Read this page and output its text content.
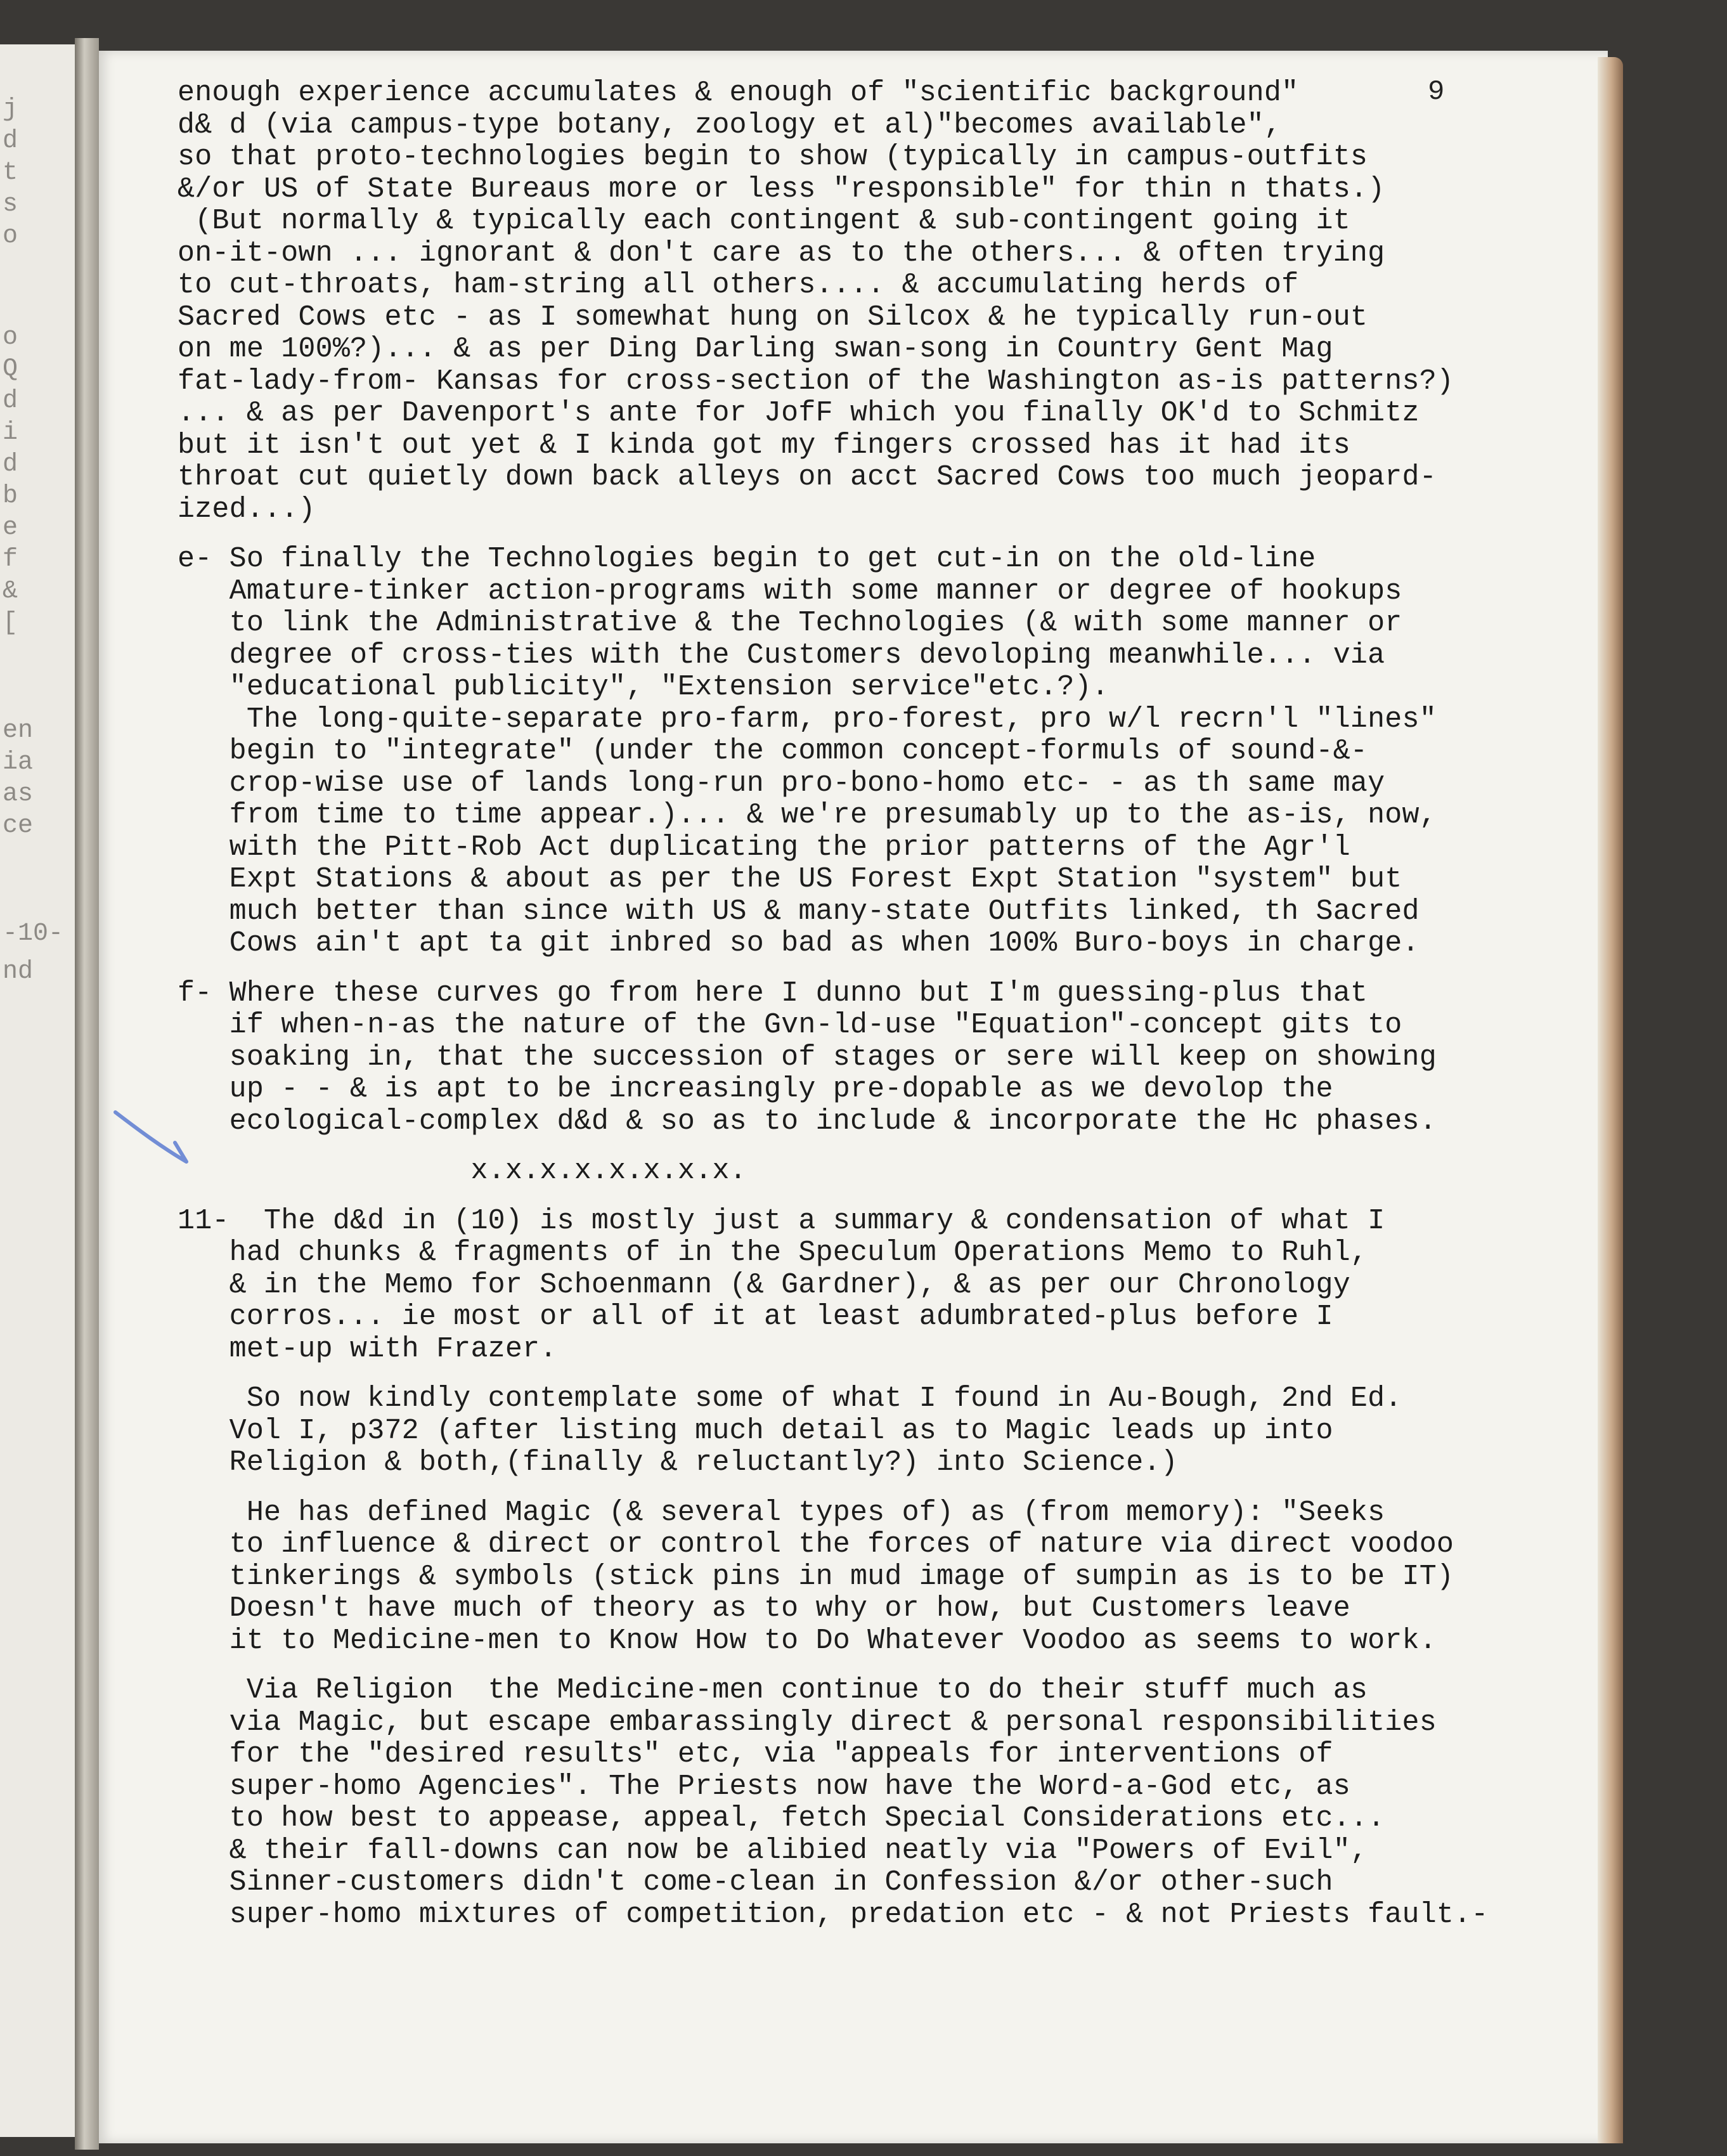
j
d
t
s
o
o
Q
d
i
d
b
e
f
&
[
en
ia
as
ce
-10-
nd
9
enough experience accumulates & enough of "scientific background"
d& d (via campus-type botany, zoology et al)"becomes available",
so that proto-technologies begin to show (typically in campus-outfits
&/or US of State Bureaus more or less "responsible" for thin n thats.)
(But normally & typically each contingent & sub-contingent going it
on-it-own ... ignorant & don't care as to the others... & often trying
to cut-throats, ham-string all others.... & accumulating herds of
Sacred Cows etc - as I somewhat hung on Silcox & he typically run-out
on me 100%?)... & as per Ding Darling swan-song in Country Gent Mag
fat-lady-from- Kansas for cross-section of the Washington as-is patterns?)
... & as per Davenport's ante for JofF which you finally OK'd to Schmitz
but it isn't out yet & I kinda got my fingers crossed has it had its
throat cut quietly down back alleys on acct Sacred Cows too much jeopard-
ized...)
e- So finally the Technologies begin to get cut-in on the old-line
Amature-tinker action-programs with some manner or degree of hookups
to link the Administrative & the Technologies (& with some manner or
degree of cross-ties with the Customers devoloping meanwhile... via
"educational publicity", "Extension service"etc.?).
The long-quite-separate pro-farm, pro-forest, pro w/l recrn'l "lines"
begin to "integrate" (under the common concept-formuls of sound-&-
crop-wise use of lands long-run pro-bono-homo etc- - as th same may
from time to time appear.)... & we're presumably up to the as-is, now,
with the Pitt-Rob Act duplicating the prior patterns of the Agr'l
Expt Stations & about as per the US Forest Expt Station "system" but
much better than since with US & many-state Outfits linked, th Sacred
Cows ain't apt ta git inbred so bad as when 100% Buro-boys in charge.
f- Where these curves go from here I dunno but I'm guessing-plus that
if when-n-as the nature of the Gvn-ld-use "Equation"-concept gits to
soaking in, that the succession of stages or sere will keep on showing
up - - & is apt to be increasingly pre-dopable as we devolop the
ecological-complex d&d & so as to include & incorporate the Hc phases.
x.x.x.x.x.x.x.x.
11-  The d&d in (10) is mostly just a summary & condensation of what I
had chunks & fragments of in the Speculum Operations Memo to Ruhl,
& in the Memo for Schoenmann (& Gardner), & as per our Chronology
corros... ie most or all of it at least adumbrated-plus before I
met-up with Frazer.
So now kindly contemplate some of what I found in Au-Bough, 2nd Ed.
Vol I, p372 (after listing much detail as to Magic leads up into
Religion & both,(finally & reluctantly?) into Science.)
He has defined Magic (& several types of) as (from memory): "Seeks
to influence & direct or control the forces of nature via direct voodoo
tinkerings & symbols (stick pins in mud image of sumpin as is to be IT)
Doesn't have much of theory as to why or how, but Customers leave
it to Medicine-men to Know How to Do Whatever Voodoo as seems to work.
Via Religion  the Medicine-men continue to do their stuff much as
via Magic, but escape embarassingly direct & personal responsibilities
for the "desired results" etc, via "appeals for interventions of
super-homo Agencies". The Priests now have the Word-a-God etc, as
to how best to appease, appeal, fetch Special Considerations etc...
& their fall-downs can now be alibied neatly via "Powers of Evil",
Sinner-customers didn't come-clean in Confession &/or other-such
super-homo mixtures of competition, predation etc - & not Priests fault.-
